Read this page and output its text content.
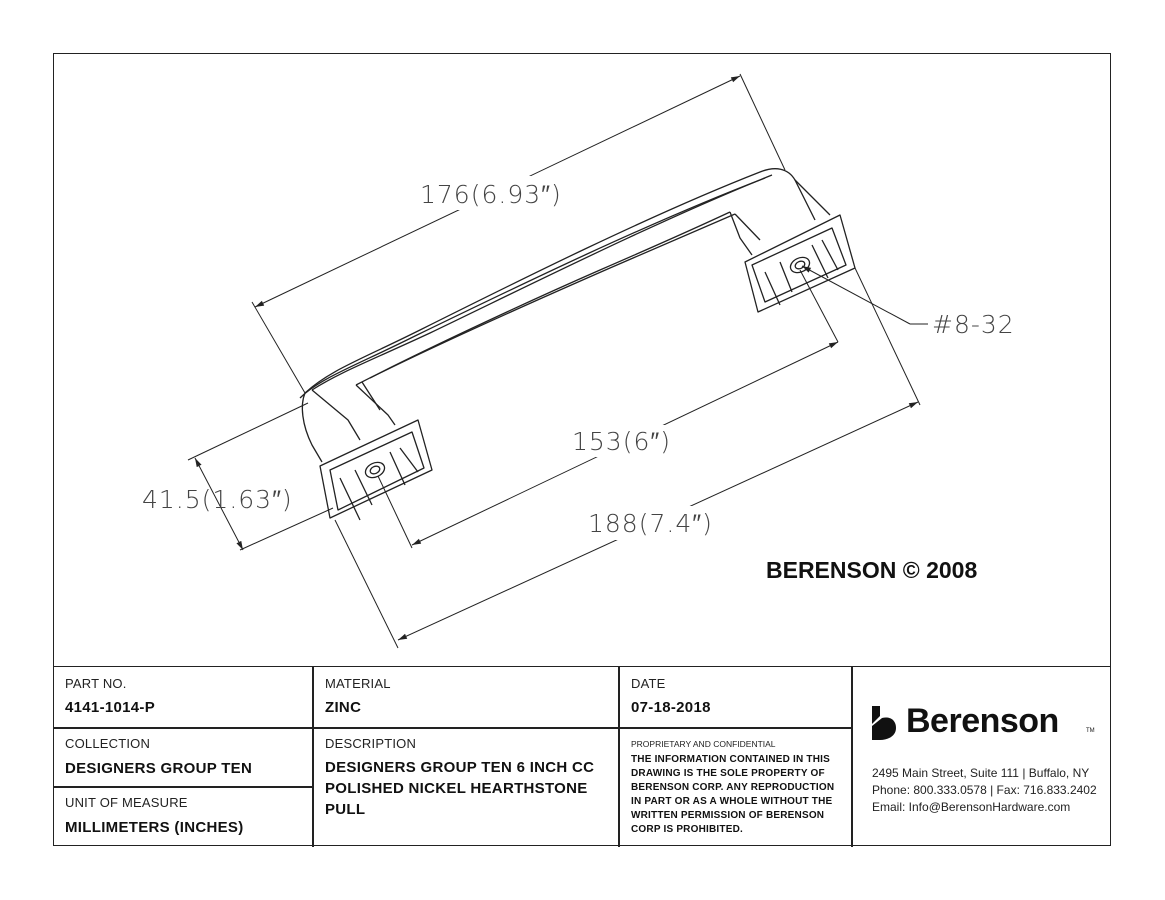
176(6.93″)
153(6″)
188(7.4″)
41.5(1.63″)
#8-32
BERENSON © 2008
PART NO.
4141-1014-P
MATERIAL
ZINC
DATE
07-18-2018
COLLECTION
DESIGNERS GROUP TEN
UNIT OF MEASURE
MILLIMETERS (INCHES)
DESCRIPTION
DESIGNERS GROUP TEN 6 INCH CC POLISHED NICKEL HEARTHSTONE PULL
PROPRIETARY AND CONFIDENTIAL
THE INFORMATION CONTAINED IN THIS DRAWING IS THE SOLE PROPERTY OF BERENSON CORP. ANY REPRODUCTION IN PART OR AS A WHOLE WITHOUT THE WRITTEN PERMISSION OF BERENSON CORP IS PROHIBITED.
Berenson	TM
2495 Main Street, Suite 111 | Buffalo, NY
Phone: 800.333.0578 | Fax: 716.833.2402
Email: Info@BerensonHardware.com
